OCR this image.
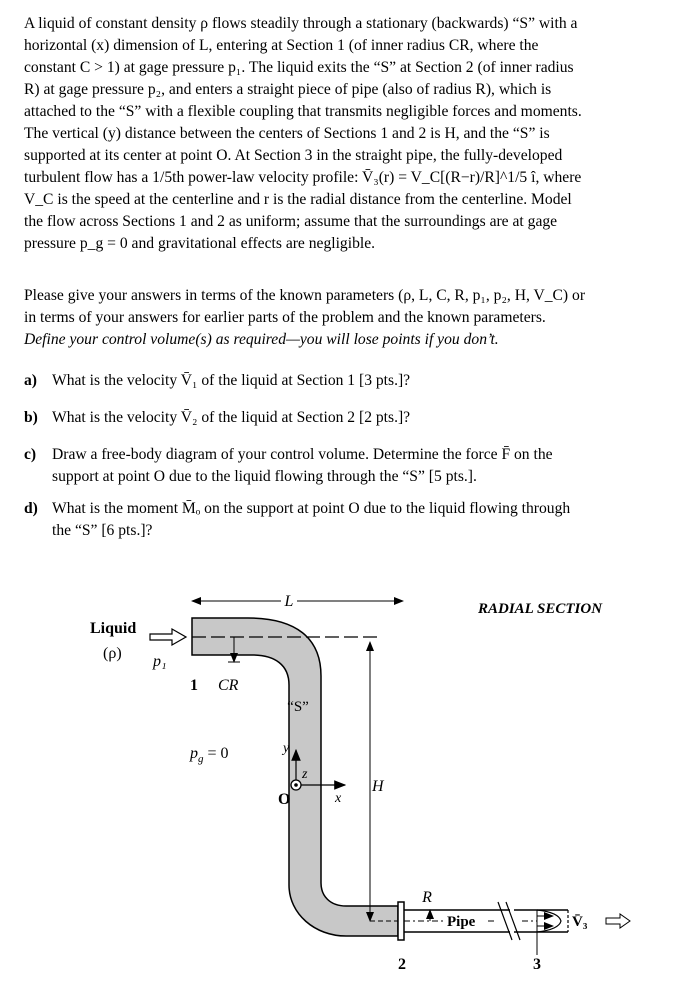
A liquid of constant density ρ flows steadily through a stationary (backwards) “S” with a

horizontal (x) dimension of L, entering at Section 1 (of inner radius CR, where the

constant C > 1) at gage pressure p₁. The liquid exits the “S” at Section 2 (of inner radius

R) at gage pressure p₂, and enters a straight piece of pipe (also of radius R), which is

attached to the “S” with a flexible coupling that transmits negligible forces and moments.

The vertical (y) distance between the centers of Sections 1 and 2 is H, and the “S” is

supported at its center at point O. At Section 3 in the straight pipe, the fully-developed

turbulent flow has a 1/5th power-law velocity profile: V̄₃(r) = V_C[(R−r)/R]^1/5 î, where

V_C is the speed at the centerline and r is the radial distance from the centerline. Model

the flow across Sections 1 and 2 as uniform; assume that the surroundings are at gage

pressure p_g = 0 and gravitational effects are negligible.

Please give your answers in terms of the known parameters (ρ, L, C, R, p₁, p₂, H, V_C) or

in terms of your answers for earlier parts of the problem and the known parameters.

Define your control volume(s) as required—you will lose points if you don’t.

a) What is the velocity V̄₁ of the liquid at Section 1 [3 pts.]?
b) What is the velocity V̄₂ of the liquid at Section 2 [2 pts.]?
c) Draw a free-body diagram of your control volume. Determine the force F̄ on the
support at point O due to the liquid flowing through the “S” [5 pts.].
d) What is the moment M̄ₒ on the support at point O due to the liquid flowing through
the “S” [6 pts.]?
L
H
R
1 CR
2	3
Pipe	V̄₃
Liquid
(ρ) p₁
“S”
$p_g = 0$	y
z
x
O
RADIAL SECTION
